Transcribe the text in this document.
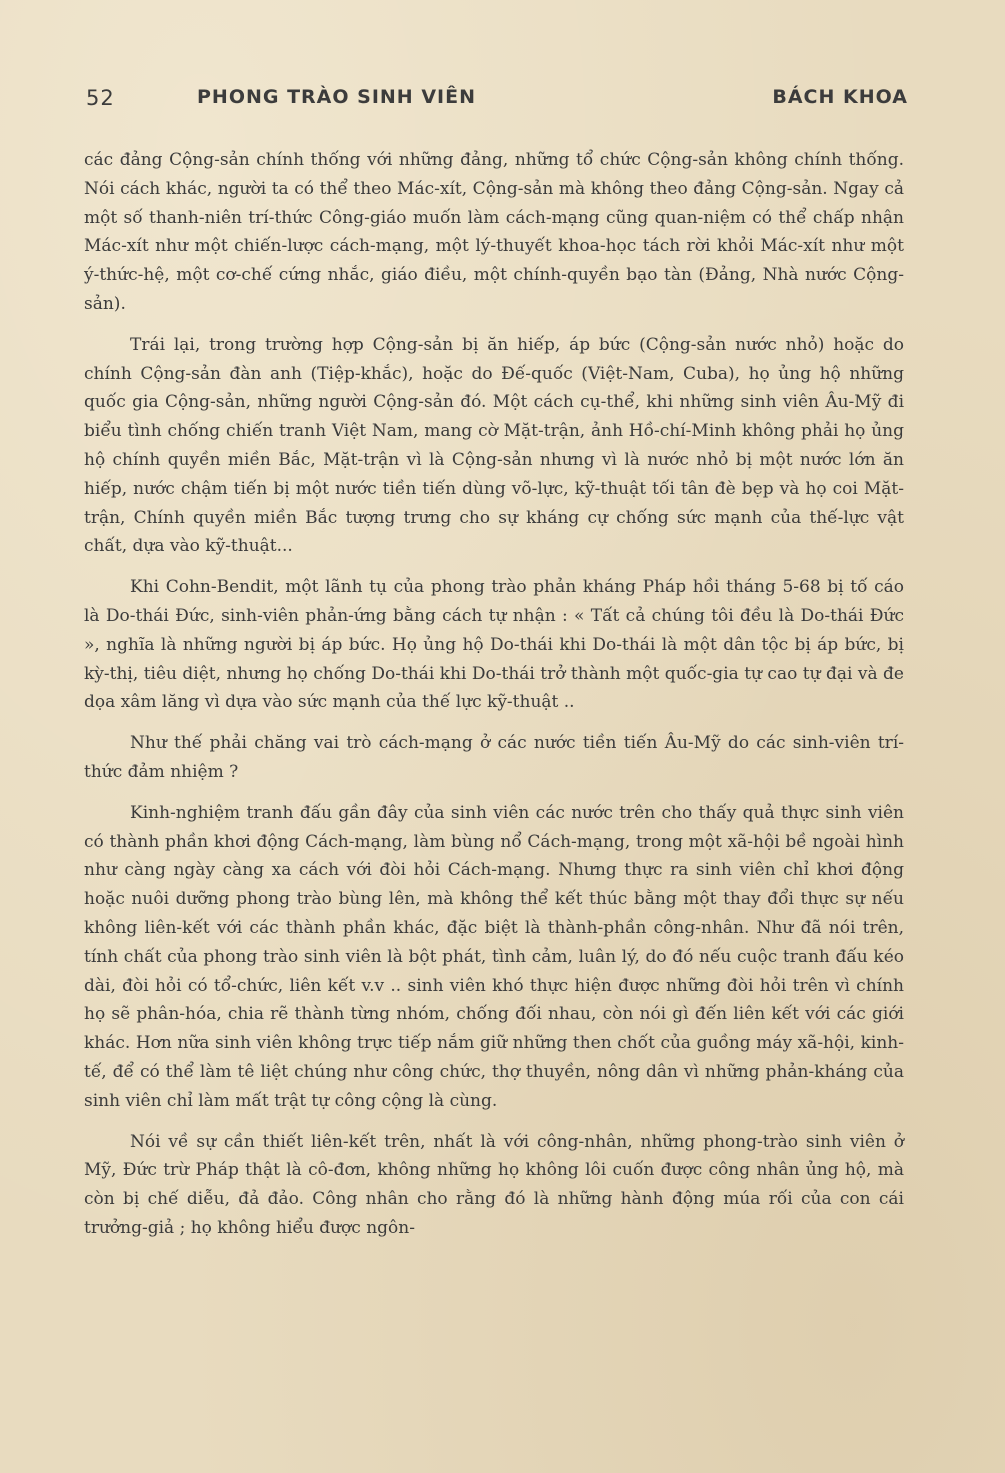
52	PHONG TRÀO SINH VIÊN	BÁCH KHOA

các đảng Cộng-sản chính thống với những đảng, những tổ chức Cộng-sản không chính thống. Nói cách khác, người ta có thể theo Mác-xít, Cộng-sản mà không theo đảng Cộng-sản. Ngay cả một số thanh-niên trí-thức Công-giáo muốn làm cách-mạng cũng quan-niệm có thể chấp nhận Mác-xít như một chiến-lược cách-mạng, một lý-thuyết khoa-học tách rời khỏi Mác-xít như một ý-thức-hệ, một cơ-chế cứng nhắc, giáo điều, một chính-quyền bạo tàn (Đảng, Nhà nước Cộng-sản).

Trái lại, trong trường hợp Cộng-sản bị ăn hiếp, áp bức (Cộng-sản nước nhỏ) hoặc do chính Cộng-sản đàn anh (Tiệp-khắc), hoặc do Đế-quốc (Việt-Nam, Cuba), họ ủng hộ những quốc gia Cộng-sản, những người Cộng-sản đó. Một cách cụ-thể, khi những sinh viên Âu-Mỹ đi biểu tình chống chiến tranh Việt Nam, mang cờ Mặt-trận, ảnh Hồ-chí-Minh không phải họ ủng hộ chính quyền miền Bắc, Mặt-trận vì là Cộng-sản nhưng vì là nước nhỏ bị một nước lớn ăn hiếp, nước chậm tiến bị một nước tiền tiến dùng võ-lực, kỹ-thuật tối tân đè bẹp và họ coi Mặt-trận, Chính quyền miền Bắc tượng trưng cho sự kháng cự chống sức mạnh của thế-lực vật chất, dựa vào kỹ-thuật...

Khi Cohn-Bendit, một lãnh tụ của phong trào phản kháng Pháp hồi tháng 5-68 bị tố cáo là Do-thái Đức, sinh-viên phản-ứng bằng cách tự nhận : « Tất cả chúng tôi đều là Do-thái Đức », nghĩa là những người bị áp bức. Họ ủng hộ Do-thái khi Do-thái là một dân tộc bị áp bức, bị kỳ-thị, tiêu diệt, nhưng họ chống Do-thái khi Do-thái trở thành một quốc-gia tự cao tự đại và đe dọa xâm lăng vì dựa vào sức mạnh của thế lực kỹ-thuật ..

Như thế phải chăng vai trò cách-mạng ở các nước tiền tiến Âu-Mỹ do các sinh-viên trí-thức đảm nhiệm ?

Kinh-nghiệm tranh đấu gần đây của sinh viên các nước trên cho thấy quả thực sinh viên có thành phần khơi động Cách-mạng, làm bùng nổ Cách-mạng, trong một xã-hội bề ngoài hình như càng ngày càng xa cách với đòi hỏi Cách-mạng. Nhưng thực ra sinh viên chỉ khơi động hoặc nuôi dưỡng phong trào bùng lên, mà không thể kết thúc bằng một thay đổi thực sự nếu không liên-kết với các thành phần khác, đặc biệt là thành-phần công-nhân. Như đã nói trên, tính chất của phong trào sinh viên là bột phát, tình cảm, luân lý, do đó nếu cuộc tranh đấu kéo dài, đòi hỏi có tổ-chức, liên kết v.v .. sinh viên khó thực hiện được những đòi hỏi trên vì chính họ sẽ phân-hóa, chia rẽ thành từng nhóm, chống đối nhau, còn nói gì đến liên kết với các giới khác. Hơn nữa sinh viên không trực tiếp nắm giữ những then chốt của guồng máy xã-hội, kinh-tế, để có thể làm tê liệt chúng như công chức, thợ thuyền, nông dân vì những phản-kháng của sinh viên chỉ làm mất trật tự công cộng là cùng.

Nói về sự cần thiết liên-kết trên, nhất là với công-nhân, những phong-trào sinh viên ở Mỹ, Đức trừ Pháp thật là cô-đơn, không những họ không lôi cuốn được công nhân ủng hộ, mà còn bị chế diễu, đả đảo. Công nhân cho rằng đó là những hành động múa rối của con cái trưởng-giả ; họ không hiểu được ngôn-
